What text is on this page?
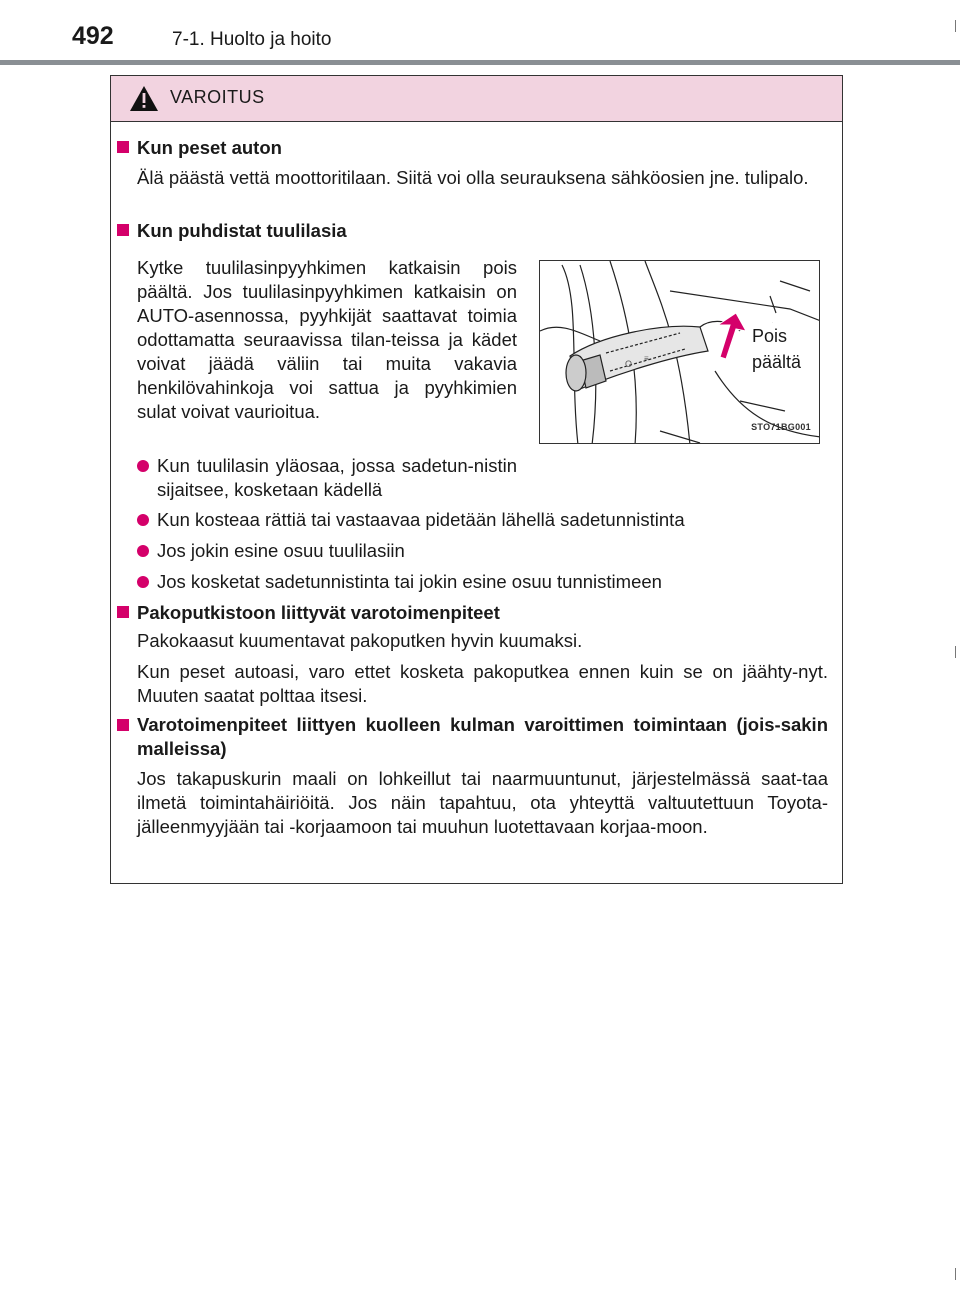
492	7-1. Huolto ja hoito
VAROITUS
Kun peset auton
Älä päästä vettä moottoritilaan. Siitä voi olla seurauksena sähköosien jne. tulipalo.
Kun puhdistat tuulilasia
Kytke tuulilasinpyyhkimen katkaisin pois päältä. Jos tuulilasinpyyhkimen katkaisin on AUTO-asennossa, pyyhkijät saattavat toimia odottamatta seuraavissa tilan-teissa ja kädet voivat jäädä väliin tai muita vakavia henkilövahinkoja voi sattua ja pyyhkimien sulat voivat vaurioitua.
O
≡
Pois
päältä
STO71BG001
Kun tuulilasin yläosaa, jossa sadetun-nistin sijaitsee, kosketaan kädellä
Kun kosteaa rättiä tai vastaavaa pidetään lähellä sadetunnistinta
Jos jokin esine osuu tuulilasiin
Jos kosketat sadetunnistinta tai jokin esine osuu tunnistimeen
Pakoputkistoon liittyvät varotoimenpiteet
Pakokaasut kuumentavat pakoputken hyvin kuumaksi.
Kun peset autoasi, varo ettet kosketa pakoputkea ennen kuin se on jäähty-nyt. Muuten saatat polttaa itsesi.
Varotoimenpiteet liittyen kuolleen kulman varoittimen toimintaan (jois-sakin malleissa)
Jos takapuskurin maali on lohkeillut tai naarmuuntunut, järjestelmässä saat-taa ilmetä toimintahäiriöitä. Jos näin tapahtuu, ota yhteyttä valtuutettuun Toyota-jälleenmyyjään tai -korjaamoon tai muuhun luotettavaan korjaa-moon.
